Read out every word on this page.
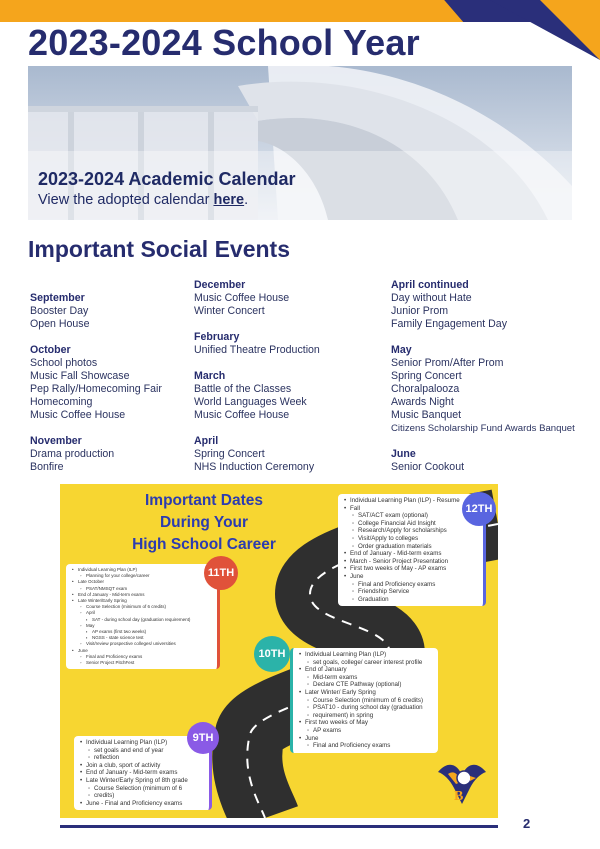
2023-2024 School Year
2023-2024 Academic Calendar
View the adopted calendar here.
Important Social Events
September
Booster Day
Open House
October
School photos
Music Fall Showcase
Pep Rally/Homecoming Fair
Homecoming
Music Coffee House
November
Drama production
Bonfire
December
Music Coffee House
Winter Concert
February
Unified Theatre Production
March
Battle of the Classes
World Languages Week
Music Coffee House
April
Spring Concert
NHS Induction Ceremony
April continued
Day without Hate
Junior Prom
Family Engagement Day
May
Senior Prom/After Prom
Spring Concert
Choralpalooza
Awards Night
Music Banquet
Citizens Scholarship Fund Awards Banquet
June
Senior Cookout
Important Dates
During Your
High School Career
• Individual Learning Plan (ILP) - Resume
• Fall
◦ SAT/ACT exam (optional)
◦ College Financial Aid Insight
◦ Research/Apply for scholarships
◦ Visit/Apply to colleges
◦ Order graduation materials
• End of January - Mid-term exams
• March - Senior Project Presentation
• First two weeks of May - AP exams
• June
◦ Final and Proficiency exams
◦ Friendship Service
◦ Graduation
12TH
• Individual Learning Plan (ILP)
◦ Planning for your college/career
• Late October
◦ PSAT/NMSQT exam
• End of January - Mid-term exams
• Late Winter/Early Spring
◦ Course Selection (minimum of 6 credits)
◦ April
▪ SAT - during school day (graduation requirement)
◦ May
▪ AP exams (first two weeks)
▪ NGSS - state science test
◦ Visit/review prospective colleges/ universities
• June
◦ Final and Proficiency exams
◦ Senior Project PitchFest
11TH
• Individual Learning Plan (ILP)
◦ set goals, college/ career interest profile
• End of January
◦ Mid-term exams
◦ Declare CTE Pathway (optional)
• Later Winter/ Early Spring
◦ Course Selection (minimum of 6 credits)
◦ PSAT10 - during school day (graduation
◦ requirement) in spring
• First two weeks of May
◦ AP exams
• June
◦ Final and Proficiency exams
10TH
• Individual Learning Plan (ILP)
◦ set goals and end of year
◦ reflection
• Join a club, sport of activity
• End of January - Mid-term exams
• Late Winter/Early Spring of 8th grade
◦ Course Selection (minimum of 6
◦ credits)
• June - Final and Proficiency exams
9TH
B
2
